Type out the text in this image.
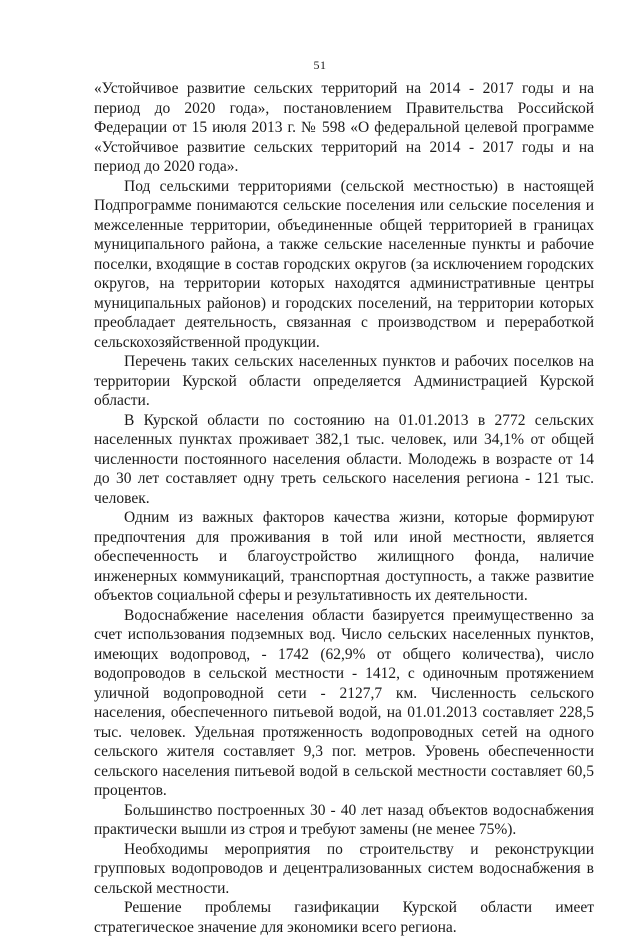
51

«Устойчивое развитие сельских территорий на 2014 - 2017 годы и на период до 2020 года», постановлением Правительства Российской Федерации от 15 июля 2013 г. № 598 «О федеральной целевой программе «Устойчивое развитие сельских территорий на 2014 - 2017 годы и на период до 2020 года».

Под сельскими территориями (сельской местностью) в настоящей Подпрограмме понимаются сельские поселения или сельские поселения и межселенные территории, объединенные общей территорией в границах муниципального района, а также сельские населенные пункты и рабочие поселки, входящие в состав городских округов (за исключением городских округов, на территории которых находятся административные центры муниципальных районов) и городских поселений, на территории которых преобладает деятельность, связанная с производством и переработкой сельскохозяйственной продукции.

Перечень таких сельских населенных пунктов и рабочих поселков на территории Курской области определяется Администрацией Курской области.

В Курской области по состоянию на 01.01.2013 в 2772 сельских населенных пунктах проживает 382,1 тыс. человек, или 34,1% от общей численности постоянного населения области. Молодежь в возрасте от 14 до 30 лет составляет одну треть сельского населения региона - 121 тыс. человек.

Одним из важных факторов качества жизни, которые формируют предпочтения для проживания в той или иной местности, является обеспеченность и благоустройство жилищного фонда, наличие инженерных коммуникаций, транспортная доступность, а также развитие объектов социальной сферы и результативность их деятельности.

Водоснабжение населения области базируется преимущественно за счет использования подземных вод. Число сельских населенных пунктов, имеющих водопровод, - 1742 (62,9% от общего количества), число водопроводов в сельской местности - 1412, с одиночным протяжением уличной водопроводной сети - 2127,7 км. Численность сельского населения, обеспеченного питьевой водой, на 01.01.2013 составляет 228,5 тыс. человек. Удельная протяженность водопроводных сетей на одного сельского жителя составляет 9,3 пог. метров. Уровень обеспеченности сельского населения питьевой водой в сельской местности составляет 60,5 процентов.

Большинство построенных 30 - 40 лет назад объектов водоснабжения практически вышли из строя и требуют замены (не менее 75%).

Необходимы мероприятия по строительству и реконструкции групповых водопроводов и децентрализованных систем водоснабжения в сельской местности.

Решение проблемы газификации Курской области имеет стратегическое значение для экономики всего региона.
